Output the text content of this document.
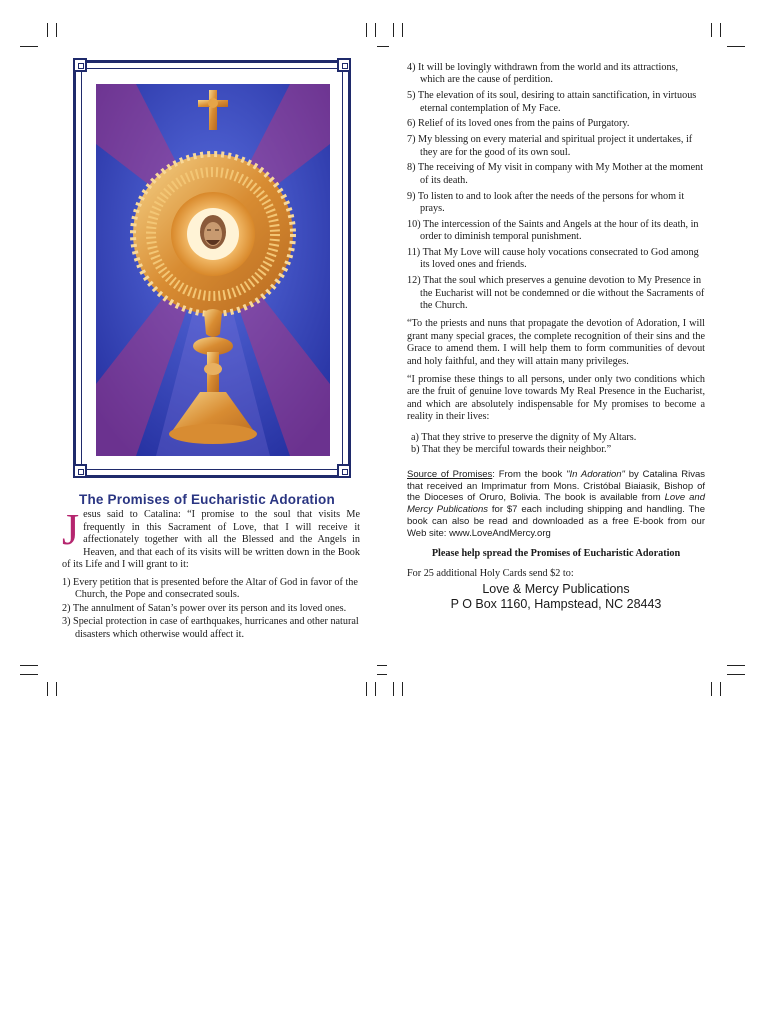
The Promises of Eucharistic Adoration

Jesus said to Catalina: “I promise to the soul that visits Me frequently in this Sacrament of Love, that I will receive it affectionately together with all the Blessed and the Angels in Heaven, and that each of its visits will be written down in the Book of its Life and I will grant to it:

1) Every petition that is presented before the Altar of God in favor of the Church, the Pope and consecrated souls.
2) The annulment of Satan’s power over its person and its loved ones.
3) Special protection in case of earthquakes, hurricanes and other natural disasters which otherwise would affect it.
4) It will be lovingly withdrawn from the world and its attractions, which are the cause of perdition.
5) The elevation of its soul, desiring to attain sanctification, in virtuous eternal contemplation of My Face.
6) Relief of its loved ones from the pains of Purgatory.
7) My blessing on every material and spiritual project it undertakes, if they are for the good of its own soul.
8) The receiving of My visit in company with My Mother at the moment of its death.
9) To listen to and to look after the needs of the persons for whom it prays.
10) The intercession of the Saints and Angels at the hour of its death, in order to diminish temporal punishment.
11) That My Love will cause holy vocations consecrated to God among its loved ones and friends.
12) That the soul which preserves a genuine devotion to My Presence in the Eucharist will not be condemned or die without the Sacraments of the Church.

“To the priests and nuns that propagate the devotion of Adoration, I will grant many special graces, the complete recognition of their sins and the Grace to amend them. I will help them to form communities of devout and holy faithful, and they will attain many privileges.

“I promise these things to all persons, under only two conditions which are the fruit of genuine love towards My Real Presence in the Eucharist, and which are absolutely indispensable for My promises to become a reality in their lives:

a) That they strive to preserve the dignity of My Altars.
b) That they be merciful towards their neighbor.”

Source of Promises: From the book "In Adoration" by Catalina Rivas that received an Imprimatur from Mons. Cristóbal Biaiasik, Bishop of the Dioceses of Oruro, Bolivia. The book is available from Love and Mercy Publications for $7 each including shipping and handling. The book can also be read and downloaded as a free E-book from our Web site: www.LoveAndMercy.org

Please help spread the Promises of Eucharistic Adoration

For 25 additional Holy Cards send $2 to:

Love & Mercy Publications
P O Box 1160, Hampstead, NC 28443
